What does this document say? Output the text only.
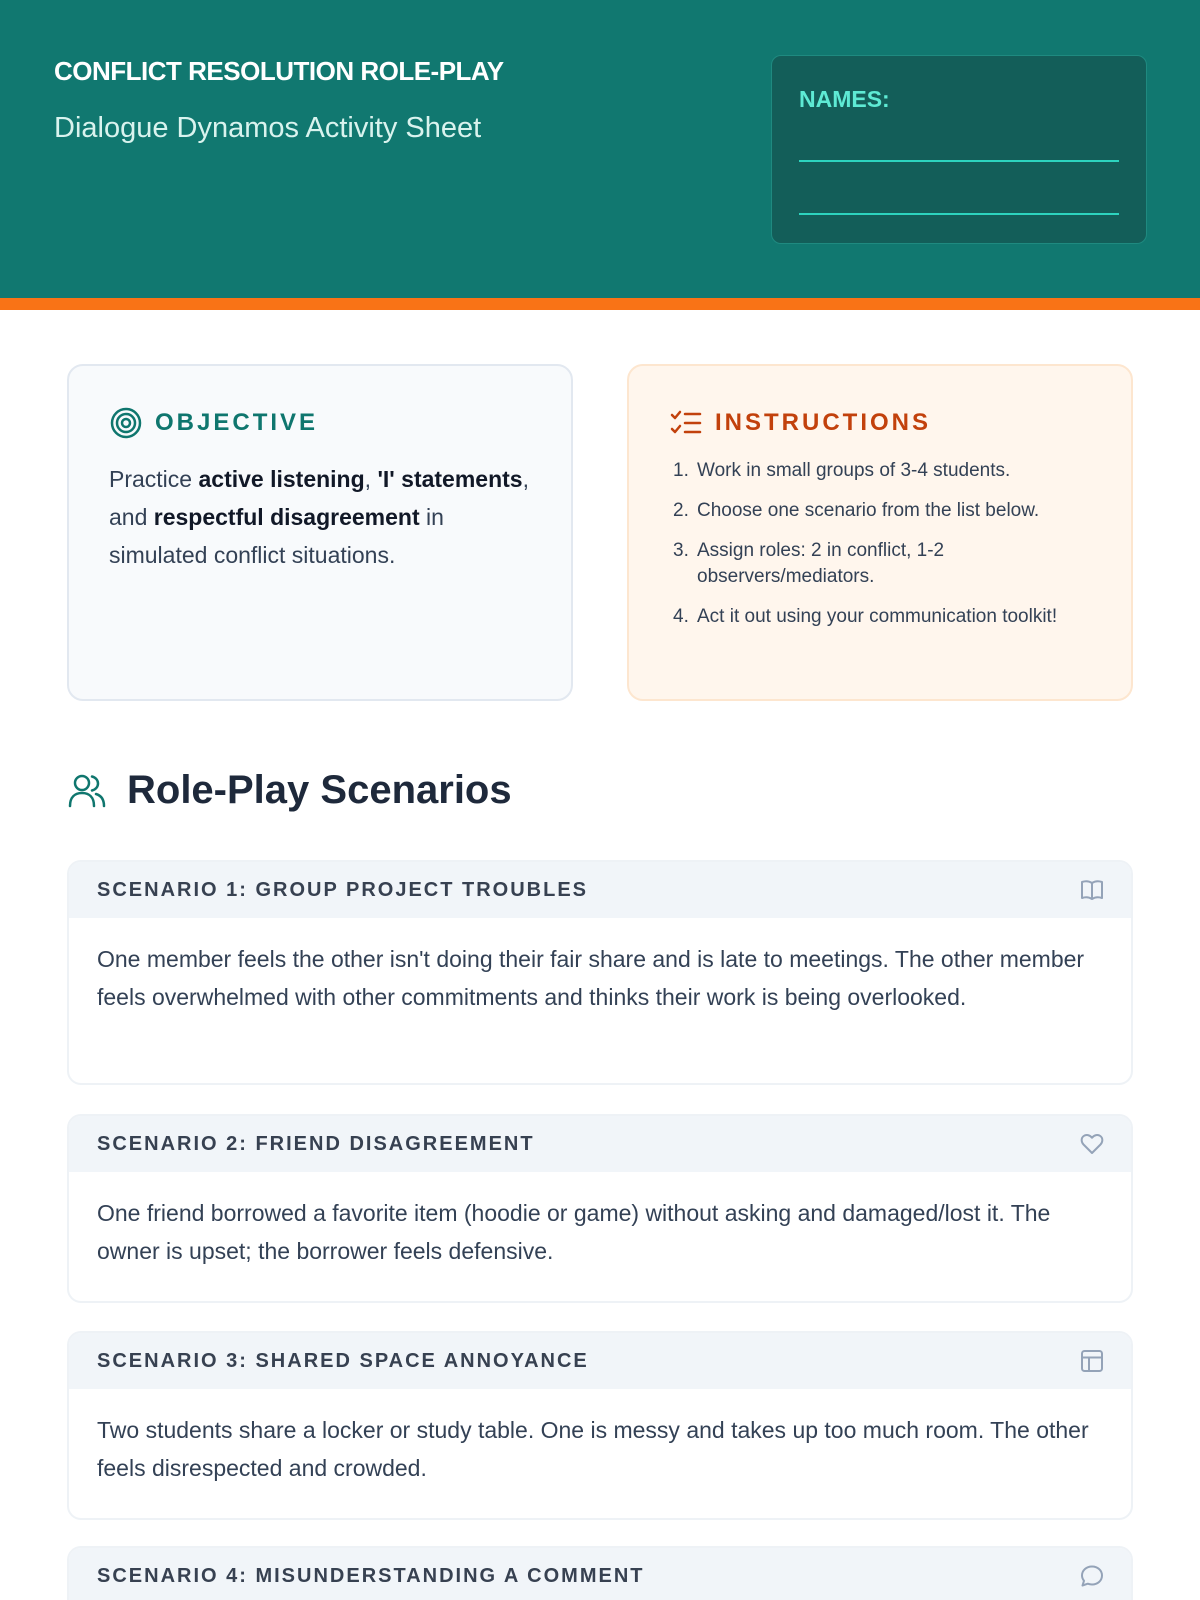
CONFLICT RESOLUTION ROLE-PLAY
Dialogue Dynamos Activity Sheet
NAMES:
OBJECTIVE

Practice active listening, 'I' statements, and respectful disagreement in simulated conflict situations.

INSTRUCTIONS
1. Work in small groups of 3-4 students.
2. Choose one scenario from the list below.
3. Assign roles: 2 in conflict, 1-2 observers/mediators.
4. Act it out using your communication toolkit!
Role-Play Scenarios
SCENARIO 1: GROUP PROJECT TROUBLES
One member feels the other isn't doing their fair share and is late to meetings. The other member feels overwhelmed with other commitments and thinks their work is being overlooked.
SCENARIO 2: FRIEND DISAGREEMENT
One friend borrowed a favorite item (hoodie or game) without asking and damaged/lost it. The owner is upset; the borrower feels defensive.
SCENARIO 3: SHARED SPACE ANNOYANCE
Two students share a locker or study table. One is messy and takes up too much room. The other feels disrespected and crowded.
SCENARIO 4: MISUNDERSTANDING A COMMENT
